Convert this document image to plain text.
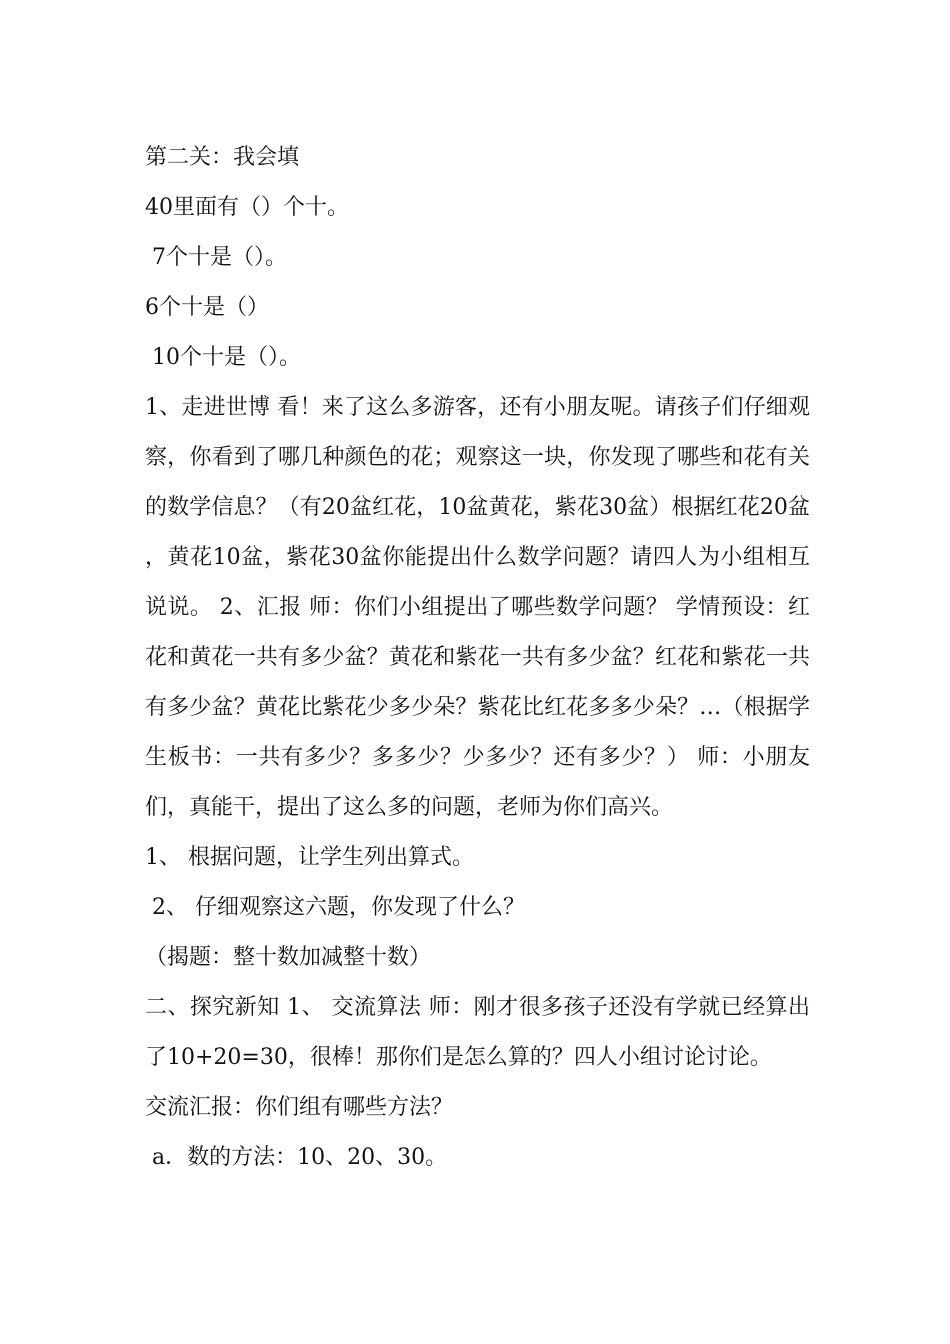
第二关：我会填
40里面有（）个十。
7个十是（）。
6个十是（）
10个十是（）。
1、走进世博 看！来了这么多游客，还有小朋友呢。请孩子们仔细观察，你看到了哪几种颜色的花；观察这一块，你发现了哪些和花有关的数学信息？（有20盆红花，10盆黄花，紫花30盆）根据红花20盆，黄花10盆，紫花30盆你能提出什么数学问题？请四人为小组相互说说。 2、汇报 师：你们小组提出了哪些数学问题？ 学情预设：红花和黄花一共有多少盆？黄花和紫花一共有多少盆？红花和紫花一共有多少盆？黄花比紫花少多少朵？紫花比红花多多少朵？…（根据学生板书：一共有多少？多多少？少多少？还有多少？） 师：小朋友们，真能干，提出了这么多的问题，老师为你们高兴。
1、 根据问题，让学生列出算式。
2、 仔细观察这六题，你发现了什么？
（揭题：整十数加减整十数）
二、探究新知 1、 交流算法 师：刚才很多孩子还没有学就已经算出了10+20=30，很棒！那你们是怎么算的？四人小组讨论讨论。
交流汇报：你们组有哪些方法？
a．数的方法：10、20、30。
